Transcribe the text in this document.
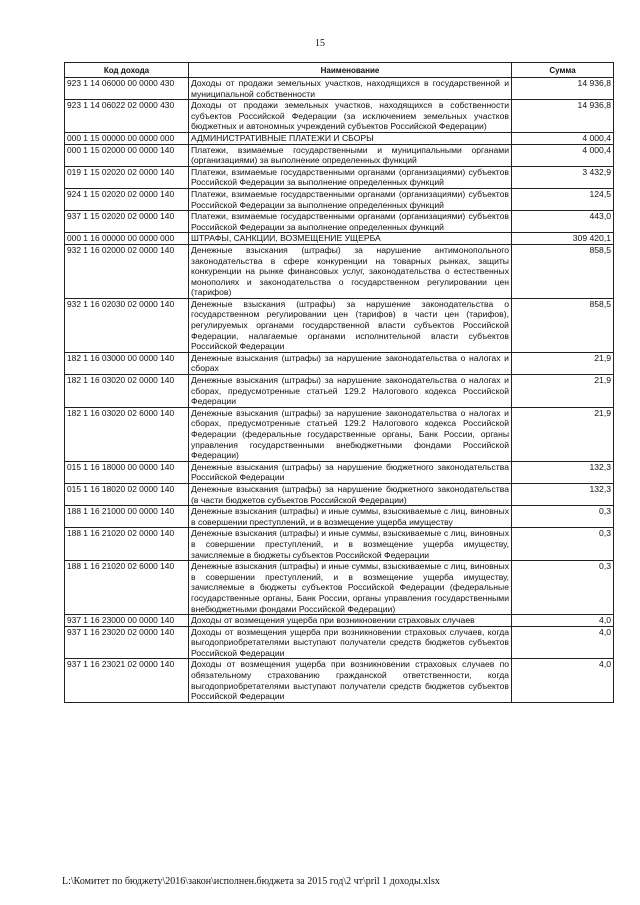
15
Код дохода	Наименование	Сумма
923 1 14 06000 00 0000 430	Доходы от продажи земельных участков, находящихся в государственной и муниципальной собственности	14 936,8
923 1 14 06022 02 0000 430	Доходы от продажи земельных участков, находящихся в собственности субъектов Российской Федерации (за исключением земельных участков бюджетных и автономных учреждений субъектов Российской Федерации)	14 936,8
000 1 15 00000 00 0000 000	АДМИНИСТРАТИВНЫЕ ПЛАТЕЖИ И СБОРЫ	4 000,4
000 1 15 02000 00 0000 140	Платежи, взимаемые государственными и муниципальными органами (организациями) за выполнение определенных функций	4 000,4
019 1 15 02020 02 0000 140	Платежи, взимаемые государственными органами (организациями) субъектов Российской Федерации за выполнение определенных функций	3 432,9
924 1 15 02020 02 0000 140	Платежи, взимаемые государственными органами (организациями) субъектов Российской Федерации за выполнение определенных функций	124,5
937 1 15 02020 02 0000 140	Платежи, взимаемые государственными органами (организациями) субъектов Российской Федерации за выполнение определенных функций	443,0
000 1 16 00000 00 0000 000	ШТРАФЫ, САНКЦИИ, ВОЗМЕЩЕНИЕ УЩЕРБА	309 420,1
932 1 16 02000 02 0000 140	Денежные взыскания (штрафы) за нарушение антимонопольного законодательства в сфере конкуренции на товарных рынках, защиты конкуренции на рынке финансовых услуг, законодательства о естественных монополиях и законодательства о государственном регулировании цен (тарифов)	858,5
932 1 16 02030 02 0000 140	Денежные взыскания (штрафы) за нарушение законодательства о государственном регулировании цен (тарифов) в части цен (тарифов), регулируемых органами государственной власти субъектов Российской Федерации, налагаемые органами исполнительной власти субъектов Российской Федерации	858,5
182 1 16 03000 00 0000 140	Денежные взыскания (штрафы) за нарушение законодательства о налогах и сборах	21,9
182 1 16 03020 02 0000 140	Денежные взыскания (штрафы) за нарушение законодательства о налогах и сборах, предусмотренные статьей 129.2 Налогового кодекса Российской Федерации	21,9
182 1 16 03020 02 6000 140	Денежные взыскания (штрафы) за нарушение законодательства о налогах и сборах, предусмотренные статьей 129.2 Налогового кодекса Российской Федерации (федеральные государственные органы, Банк России, органы управления государственными внебюджетными фондами Российской Федерации)	21,9
015 1 16 18000 00 0000 140	Денежные взыскания (штрафы) за нарушение бюджетного законодательства Российской Федерации	132,3
015 1 16 18020 02 0000 140	Денежные взыскания (штрафы) за нарушение бюджетного законодательства (в части бюджетов субъектов Российской Федерации)	132,3
188 1 16 21000 00 0000 140	Денежные взыскания (штрафы) и иные суммы, взыскиваемые с лиц, виновных в совершении преступлений, и в возмещение ущерба имуществу	0,3
188 1 16 21020 02 0000 140	Денежные взыскания (штрафы) и иные суммы, взыскиваемые с лиц, виновных в совершении преступлений, и в возмещение ущерба имуществу, зачисляемые в бюджеты субъектов Российской Федерации	0,3
188 1 16 21020 02 6000 140	Денежные взыскания (штрафы) и иные суммы, взыскиваемые с лиц, виновных в совершении преступлений, и в возмещение ущерба имуществу, зачисляемые в бюджеты субъектов Российской Федерации (федеральные государственные органы, Банк России, органы управления государственными внебюджетными фондами Российской Федерации)	0,3
937 1 16 23000 00 0000 140	Доходы от возмещения ущерба при возникновении страховых случаев	4,0
937 1 16 23020 02 0000 140	Доходы от возмещения ущерба при возникновении страховых случаев, когда выгодоприобретателями выступают получатели средств бюджетов субъектов Российской Федерации	4,0
937 1 16 23021 02 0000 140	Доходы от возмещения ущерба при возникновении страховых случаев по обязательному страхованию гражданской ответственности, когда выгодоприобретателями выступают получатели средств бюджетов субъектов Российской Федерации	4,0
L:\Комитет по бюджету\2016\закон\исполнен.бюджета за 2015 год\2 чт\pril 1 доходы.xlsx
